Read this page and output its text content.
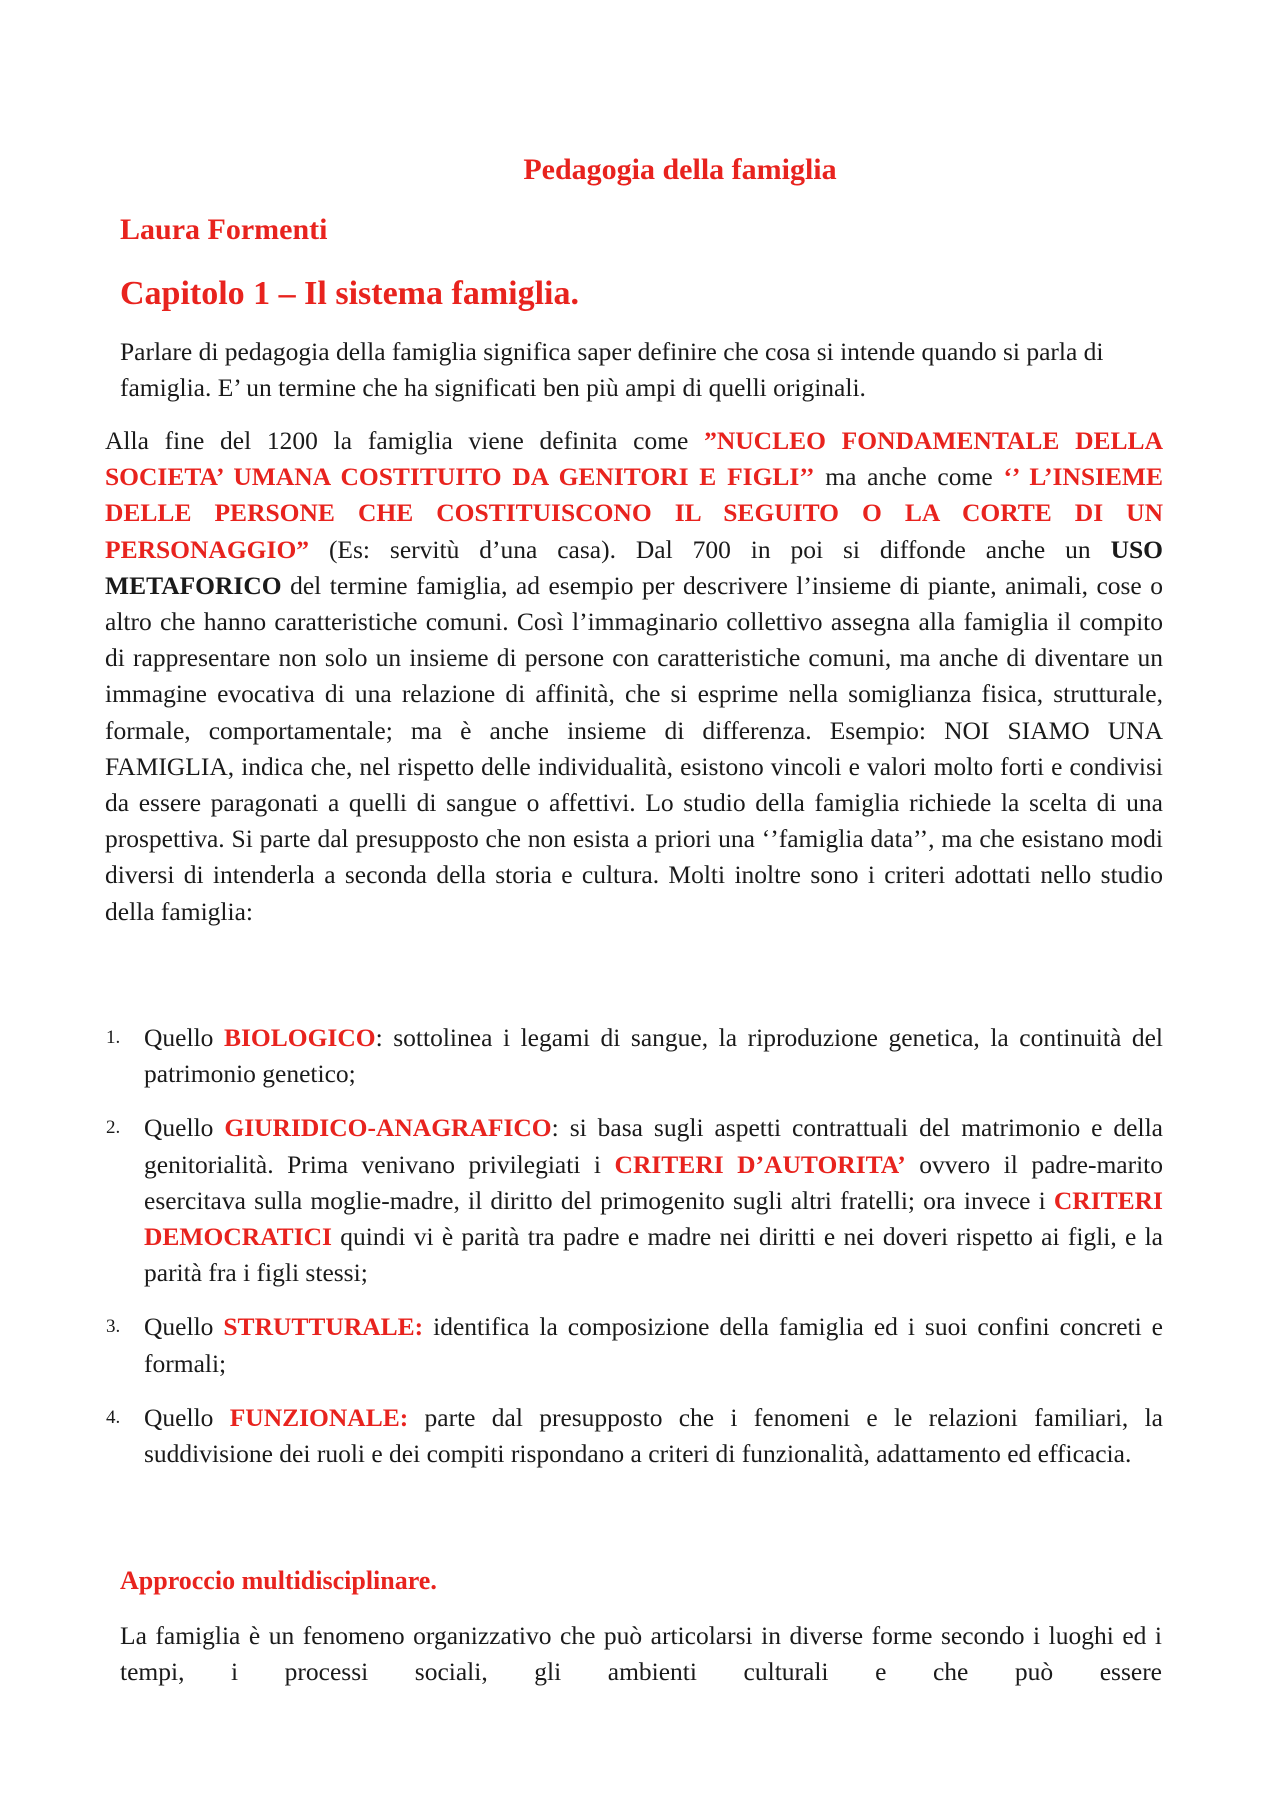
Pedagogia della famiglia
Laura Formenti
Capitolo 1 – Il sistema famiglia.

Parlare di pedagogia della famiglia significa saper definire che cosa si intende quando si parla di famiglia. E’ un termine che ha significati ben più ampi di quelli originali.

Alla fine del 1200 la famiglia viene definita come ”NUCLEO FONDAMENTALE DELLA SOCIETA’ UMANA COSTITUITO DA GENITORI E FIGLI’’ ma anche come ‘’ L’INSIEME DELLE PERSONE CHE COSTITUISCONO IL SEGUITO O LA CORTE DI UN PERSONAGGIO” (Es: servitù d’una casa). Dal 700 in poi si diffonde anche un USO METAFORICO del termine famiglia, ad esempio per descrivere l’insieme di piante, animali, cose o altro che hanno caratteristiche comuni. Così l’immaginario collettivo assegna alla famiglia il compito di rappresentare non solo un insieme di persone con caratteristiche comuni, ma anche di diventare un immagine evocativa di una relazione di affinità, che si esprime nella somiglianza fisica, strutturale, formale, comportamentale; ma è anche insieme di differenza. Esempio: NOI SIAMO UNA FAMIGLIA, indica che, nel rispetto delle individualità, esistono vincoli e valori molto forti e condivisi da essere paragonati a quelli di sangue o affettivi. Lo studio della famiglia richiede la scelta di una prospettiva. Si parte dal presupposto che non esista a priori una ‘’famiglia data’’, ma che esistano modi diversi di intenderla a seconda della storia e cultura. Molti inoltre sono i criteri adottati nello studio della famiglia:

1. Quello BIOLOGICO: sottolinea i legami di sangue, la riproduzione genetica, la continuità del patrimonio genetico;
2. Quello GIURIDICO-ANAGRAFICO: si basa sugli aspetti contrattuali del matrimonio e della genitorialità. Prima venivano privilegiati i CRITERI D’AUTORITA’ ovvero il padre-marito esercitava sulla moglie-madre, il diritto del primogenito sugli altri fratelli; ora invece i CRITERI DEMOCRATICI quindi vi è parità tra padre e madre nei diritti e nei doveri rispetto ai figli, e la parità fra i figli stessi;
3. Quello STRUTTURALE: identifica la composizione della famiglia ed i suoi confini concreti e formali;
4. Quello FUNZIONALE: parte dal presupposto che i fenomeni e le relazioni familiari, la suddivisione dei ruoli e dei compiti rispondano a criteri di funzionalità, adattamento ed efficacia.
Approccio multidisciplinare.

La famiglia è un fenomeno organizzativo che può articolarsi in diverse forme secondo i luoghi ed i tempi, i processi sociali, gli ambienti culturali e che può essere
